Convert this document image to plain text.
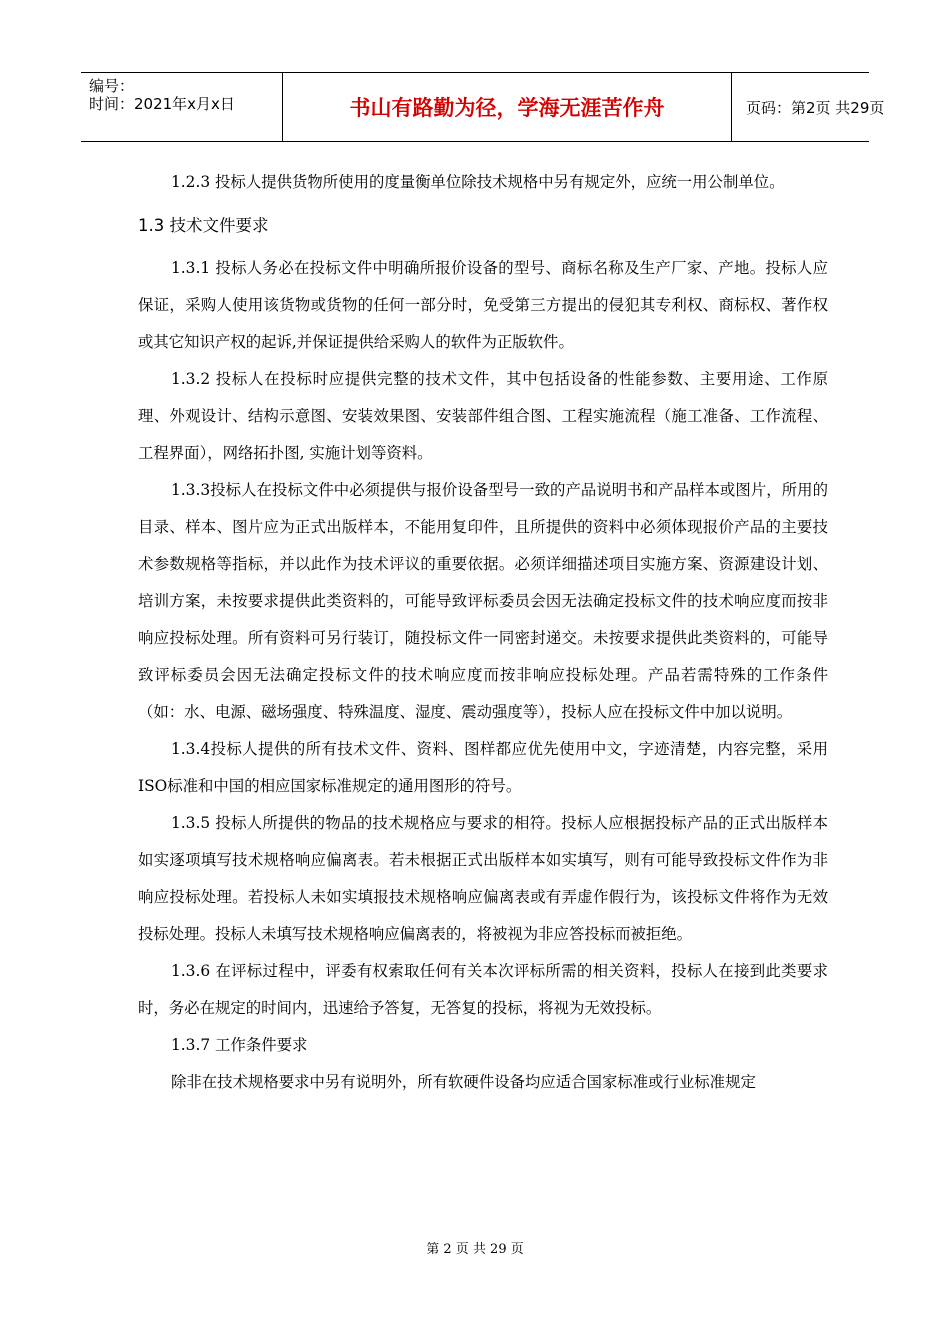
编号：
时间：2021年x月x日	书山有路勤为径，学海无涯苦作舟	页码：第2页 共29页

1.2.3 投标人提供货物所使用的度量衡单位除技术规格中另有规定外，应统一用公制单位。

1.3 技术文件要求

1.3.1 投标人务必在投标文件中明确所报价设备的型号、商标名称及生产厂家、产地。投标人应保证，采购人使用该货物或货物的任何一部分时，免受第三方提出的侵犯其专利权、商标权、著作权或其它知识产权的起诉,并保证提供给采购人的软件为正版软件。

1.3.2 投标人在投标时应提供完整的技术文件，其中包括设备的性能参数、主要用途、工作原理、外观设计、结构示意图、安装效果图、安装部件组合图、工程实施流程（施工准备、工作流程、工程界面），网络拓扑图, 实施计划等资料。

1.3.3投标人在投标文件中必须提供与报价设备型号一致的产品说明书和产品样本或图片，所用的目录、样本、图片应为正式出版样本，不能用复印件，且所提供的资料中必须体现报价产品的主要技术参数规格等指标，并以此作为技术评议的重要依据。必须详细描述项目实施方案、资源建设计划、培训方案，未按要求提供此类资料的，可能导致评标委员会因无法确定投标文件的技术响应度而按非响应投标处理。所有资料可另行装订，随投标文件一同密封递交。未按要求提供此类资料的，可能导致评标委员会因无法确定投标文件的技术响应度而按非响应投标处理。产品若需特殊的工作条件（如：水、电源、磁场强度、特殊温度、湿度、震动强度等），投标人应在投标文件中加以说明。

1.3.4投标人提供的所有技术文件、资料、图样都应优先使用中文，字迹清楚，内容完整，采用ISO标准和中国的相应国家标准规定的通用图形的符号。

1.3.5 投标人所提供的物品的技术规格应与要求的相符。投标人应根据投标产品的正式出版样本如实逐项填写技术规格响应偏离表。若未根据正式出版样本如实填写，则有可能导致投标文件作为非响应投标处理。若投标人未如实填报技术规格响应偏离表或有弄虚作假行为，该投标文件将作为无效投标处理。投标人未填写技术规格响应偏离表的，将被视为非应答投标而被拒绝。

1.3.6 在评标过程中，评委有权索取任何有关本次评标所需的相关资料，投标人在接到此类要求时，务必在规定的时间内，迅速给予答复，无答复的投标，将视为无效投标。

1.3.7 工作条件要求

除非在技术规格要求中另有说明外，所有软硬件设备均应适合国家标准或行业标准规定

第 2 页 共 29 页
